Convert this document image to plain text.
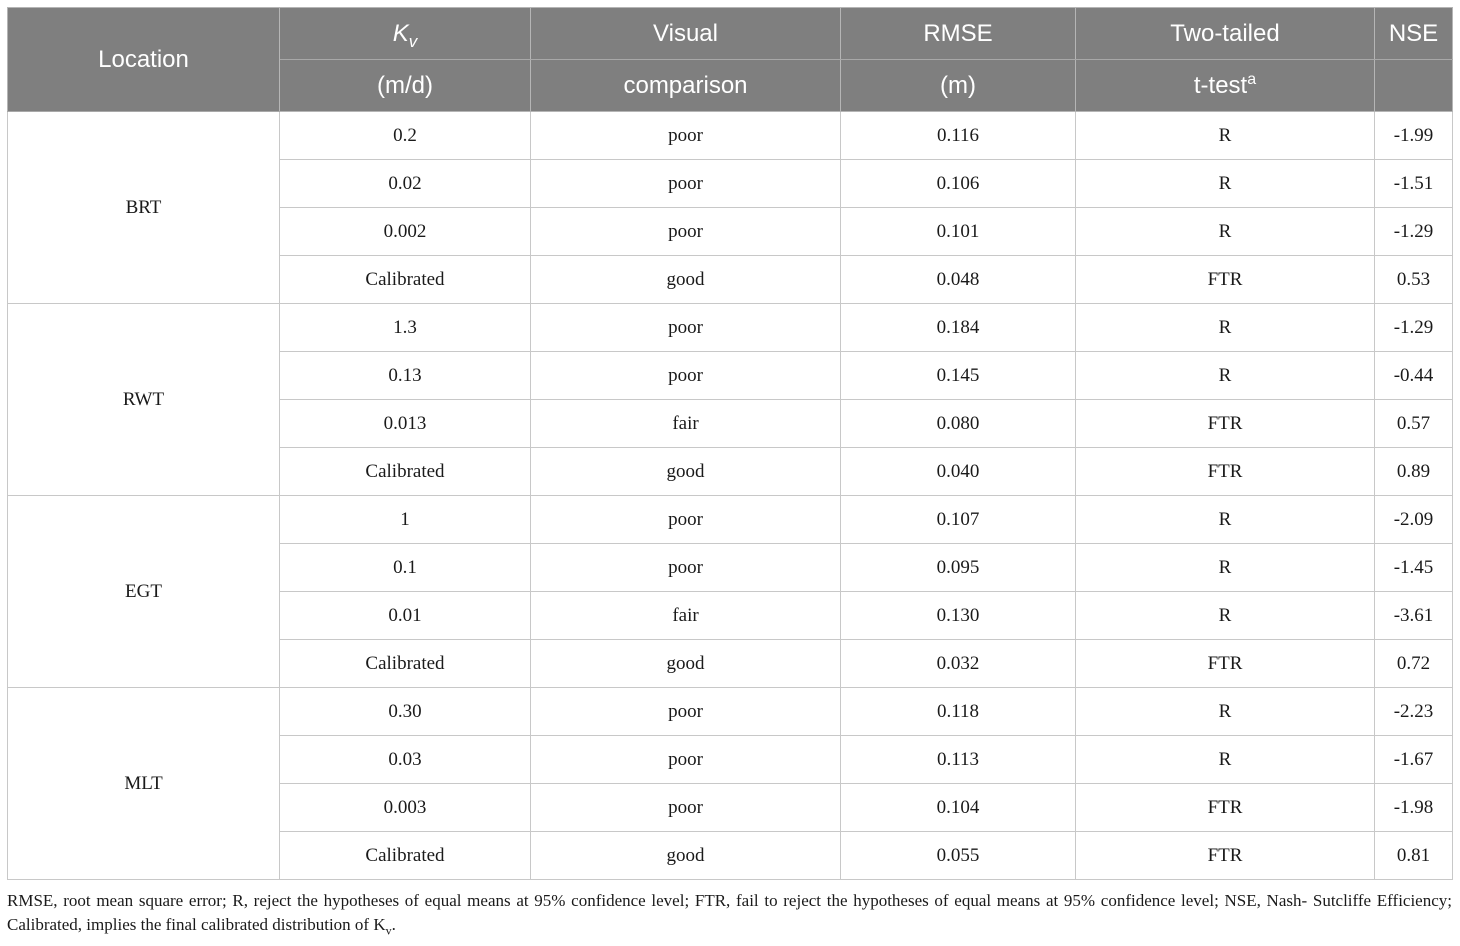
Location	$K_v$	Visual	RMSE	Two-tailed	NSE
	(m/d)	comparison	(m)	t-test$^a$	
BRT	0.2	poor	0.116	R	-1.99
	0.02	poor	0.106	R	-1.51
	0.002	poor	0.101	R	-1.29
	Calibrated	good	0.048	FTR	0.53
RWT	1.3	poor	0.184	R	-1.29
	0.13	poor	0.145	R	-0.44
	0.013	fair	0.080	FTR	0.57
	Calibrated	good	0.040	FTR	0.89
EGT	1	poor	0.107	R	-2.09
	0.1	poor	0.095	R	-1.45
	0.01	fair	0.130	R	-3.61
	Calibrated	good	0.032	FTR	0.72
MLT	0.30	poor	0.118	R	-2.23
	0.03	poor	0.113	R	-1.67
	0.003	poor	0.104	FTR	-1.98
	Calibrated	good	0.055	FTR	0.81
RMSE, root mean square error; R, reject the hypotheses of equal means at 95% confidence level; FTR, fail to reject the hypotheses of equal means at 95% confidence level; NSE, Nash- Sutcliffe Efficiency; Calibrated, implies the final calibrated distribution of $K_v$.
